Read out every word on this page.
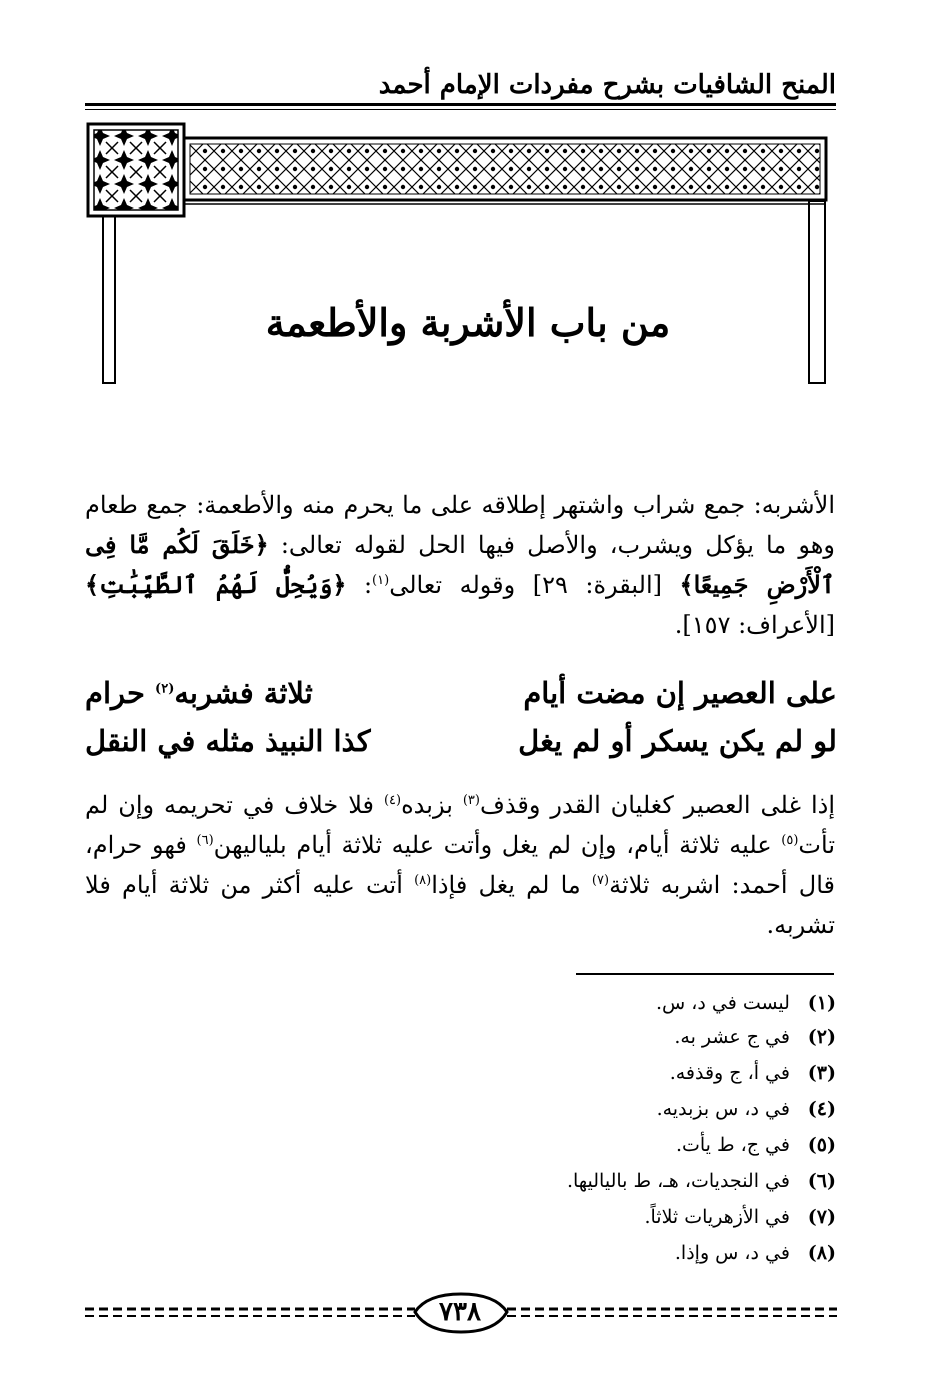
المنح الشافيات بشرح مفردات الإمام أحمد
من باب الأشربة والأطعمة
الأشربه: جمع شراب واشتهر إطلاقه على ما يحرم منه والأطعمة: جمع طعام وهو ما يؤكل ويشرب، والأصل فيها الحل لقوله تعالى: ﴿خَلَقَ لَكُم مَّا فِى ٱلْأَرْضِ جَمِيعًا﴾ [البقرة: ٢٩] وقوله تعالى$^{(١)}$: ﴿وَيُحِلُّ لَهُمُ ٱلطَّيِّبَٰتِ﴾ [الأعراف: ١٥٧].
على العصير إن مضت أيام
ثلاثة فشربه$^{(٢)}$ حرام
لو لم يكن يسكر أو لم يغل
كذا النبيذ مثله في النقل
إذا غلى العصير كغليان القدر وقذف$^{(٣)}$ بزبده$^{(٤)}$ فلا خلاف في تحريمه وإن لم تأت$^{(٥)}$ عليه ثلاثة أيام، وإن لم يغل وأتت عليه ثلاثة أيام بلياليهن$^{(٦)}$ فهو حرام، قال أحمد: اشربه ثلاثة$^{(٧)}$ ما لم يغل فإذا$^{(٨)}$ أتت عليه أكثر من ثلاثة أيام فلا تشربه.
(١) ليست في د، س.
(٢) في ج عشر به.
(٣) في أ، ج وقذفه.
(٤) في د، س بزبديه.
(٥) في ج، ط يأت.
(٦) في النجديات، هـ، ط بالياليها.
(٧) في الأزهريات ثلاثاً.
(٨) في د، س وإذا.
٧٣٨
